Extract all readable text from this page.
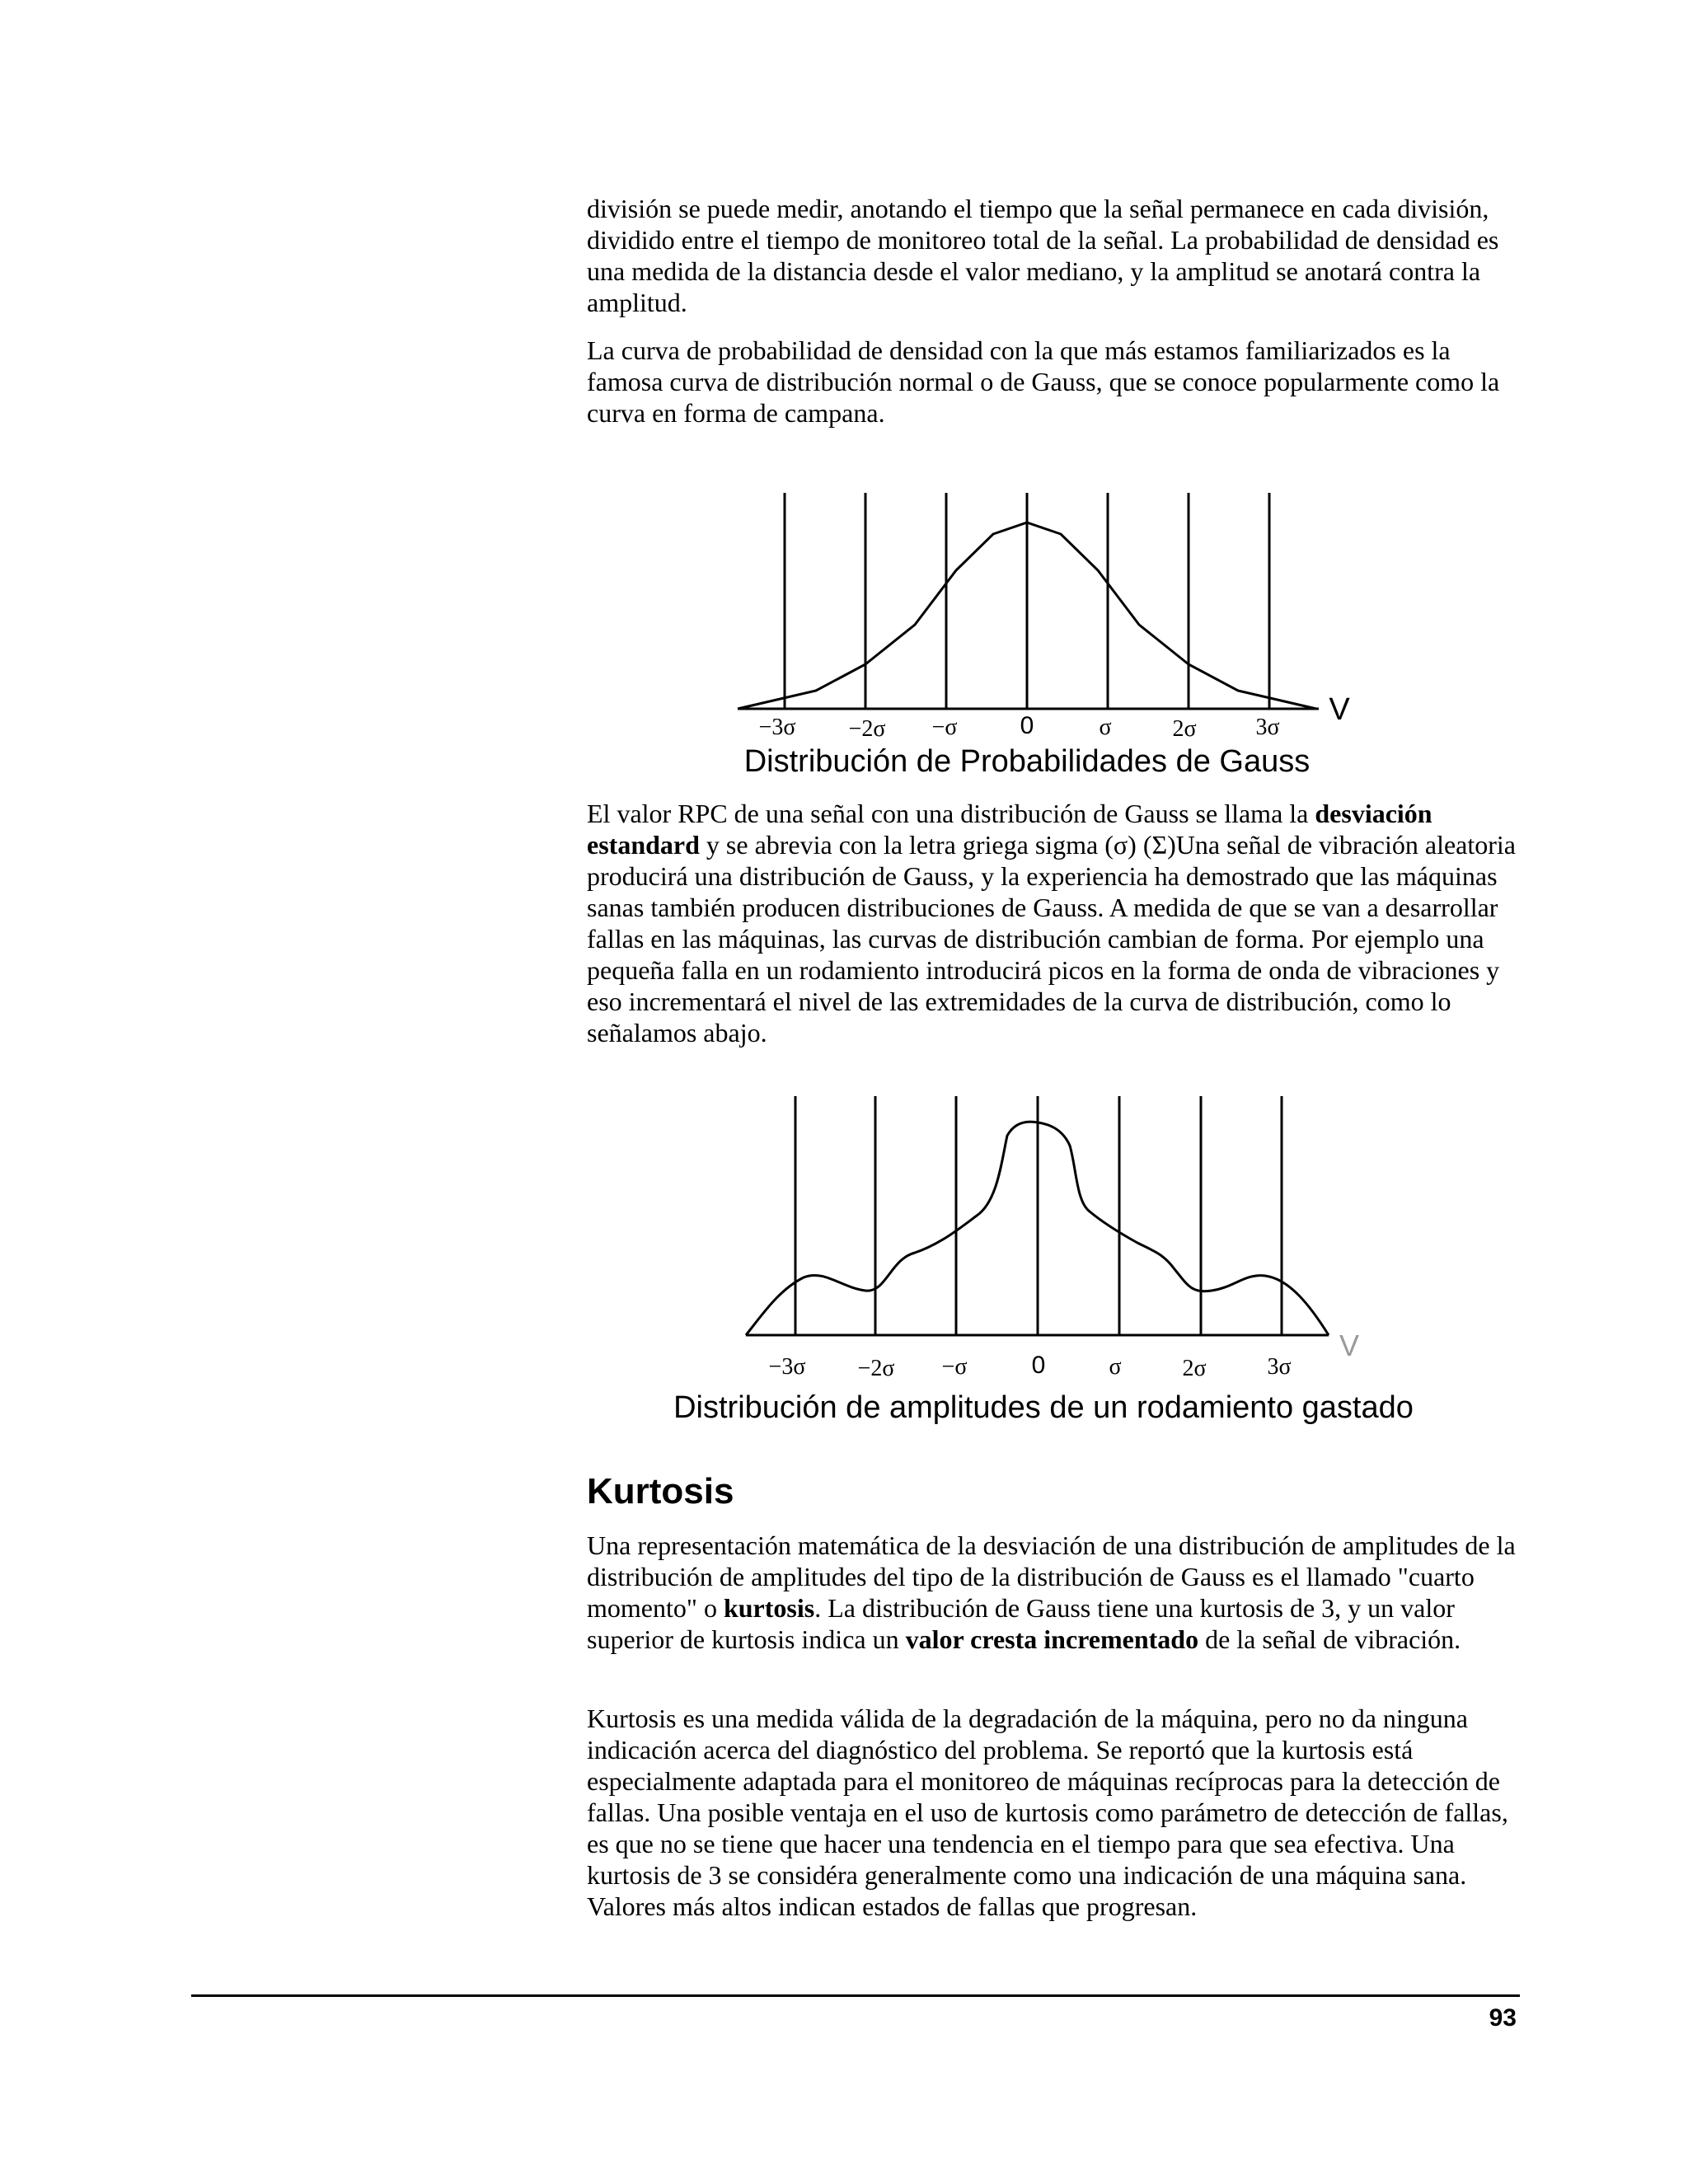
división se puede medir, anotando el tiempo que la señal permanece en cada división, dividido entre el tiempo de monitoreo total de la señal. La probabilidad de densidad es una medida de la distancia desde el valor mediano, y la amplitud se anotará contra la amplitud.

La curva de probabilidad de densidad con la que más estamos familiarizados es la famosa curva de distribución normal o de Gauss, que se conoce popularmente como la curva en forma de campana.

−3σ −2σ −σ	0	σ	2σ	3σ
V
Distribución de Probabilidades de Gauss

El valor RPC de una señal con una distribución de Gauss se llama la desviación estandard y se abrevia con la letra griega sigma (σ) (Σ)Una señal de vibración aleatoria producirá una distribución de Gauss, y la experiencia ha demostrado que las máquinas sanas también producen distribuciones de Gauss. A medida de que se van a desarrollar fallas en las máquinas, las curvas de distribución cambian de forma. Por ejemplo una pequeña falla en un rodamiento introducirá picos en la forma de onda de vibraciones y eso incrementará el nivel de las extremidades de la curva de distribución, como lo señalamos abajo.

−3σ −2σ −σ	0	σ	2σ	3σ
V
Distribución de amplitudes de un rodamiento gastado
Kurtosis

Una representación matemática de la desviación de una distribución de amplitudes de la distribución de amplitudes del tipo de la distribución de Gauss es el llamado "cuarto momento" o kurtosis. La distribución de Gauss tiene una kurtosis de 3, y un valor superior de kurtosis indica un valor cresta incrementado de la señal de vibración.

Kurtosis es una medida válida de la degradación de la máquina, pero no da ninguna indicación acerca del diagnóstico del problema. Se reportó que la kurtosis está especialmente adaptada para el monitoreo de máquinas recíprocas para la detección de fallas. Una posible ventaja en el uso de kurtosis como parámetro de detección de fallas, es que no se tiene que hacer una tendencia en el tiempo para que sea efectiva. Una kurtosis de 3 se considéra generalmente como una indicación de una máquina sana. Valores más altos indican estados de fallas que progresan.

93
